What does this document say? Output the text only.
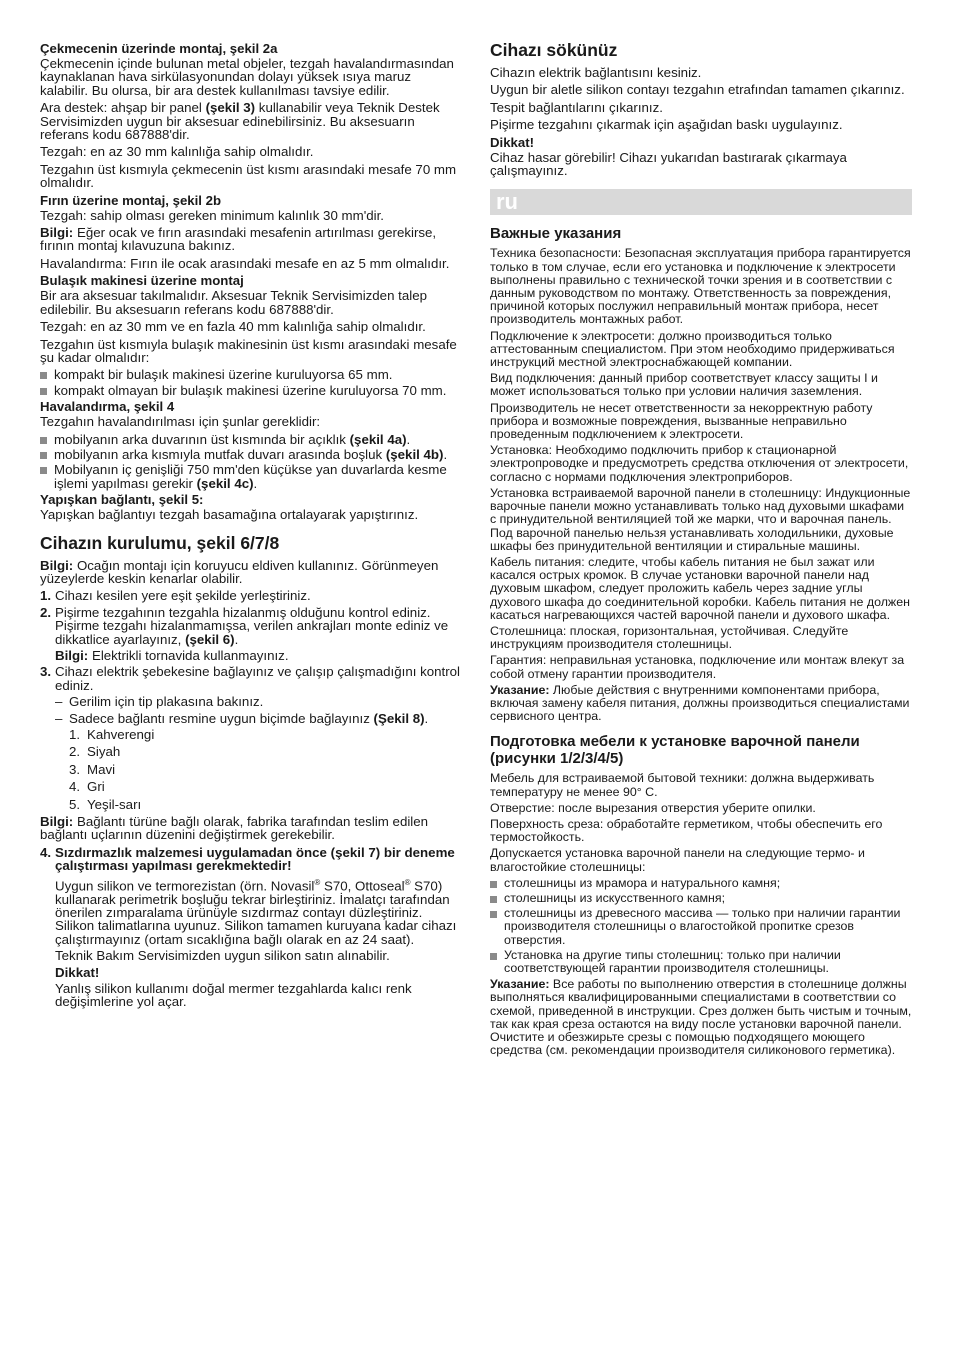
Çekmecenin üzerinde montaj, şekil 2a

Çekmecenin içinde bulunan metal objeler, tezgah havalandırmasından kaynaklanan hava sirkülasyonundan dolayı yüksek ısıya maruz kalabilir. Bu olursa, bir ara destek kullanılması tavsiye edilir.

Ara destek: ahşap bir panel (şekil 3) kullanabilir veya Teknik Destek Servisimizden uygun bir aksesuar edinebilirsiniz. Bu aksesuarın referans kodu 687888'dir.

Tezgah: en az 30 mm kalınlığa sahip olmalıdır.

Tezgahın üst kısmıyla çekmecenin üst kısmı arasındaki mesafe 70 mm olmalıdır.

Fırın üzerine montaj, şekil 2b

Tezgah: sahip olması gereken minimum kalınlık 30 mm'dir.

Bilgi: Eğer ocak ve fırın arasındaki mesafenin artırılması gerekirse, fırının montaj kılavuzuna bakınız.

Havalandırma: Fırın ile ocak arasındaki mesafe en az 5 mm olmalıdır.

Bulaşık makinesi üzerine montaj

Bir ara aksesuar takılmalıdır. Aksesuar Teknik Servisimizden talep edilebilir. Bu aksesuarın referans kodu 687888'dir.

Tezgah: en az 30 mm ve en fazla 40 mm kalınlığa sahip olmalıdır.

Tezgahın üst kısmıyla bulaşık makinesinin üst kısmı arasındaki mesafe şu kadar olmalıdır:

kompakt bir bulaşık makinesi üzerine kuruluyorsa 65 mm.
kompakt olmayan bir bulaşık makinesi üzerine kuruluyorsa 70 mm.
Havalandırma, şekil 4

Tezgahın havalandırılması için şunlar gereklidir:

mobilyanın arka duvarının üst kısmında bir açıklık (şekil 4a).
mobilyanın arka kısmıyla mutfak duvarı arasında boşluk (şekil 4b).
Mobilyanın iç genişliği 750 mm'den küçükse yan duvarlarda kesme işlemi yapılması gerekir (şekil 4c).
Yapışkan bağlantı, şekil 5:

Yapışkan bağlantıyı tezgah basamağına ortalayarak yapıştırınız.

Cihazın kurulumu, şekil 6/7/8

Bilgi: Ocağın montajı için koruyucu eldiven kullanınız. Görünmeyen yüzeylerde keskin kenarlar olabilir.

1. Cihazı kesilen yere eşit şekilde yerleştiriniz.
2. Pişirme tezgahının tezgahla hizalanmış olduğunu kontrol ediniz. Pişirme tezgahı hizalanmamışsa, verilen ankrajları monte ediniz ve dikkatlice ayarlayınız, (şekil 6).
Bilgi: Elektrikli tornavida kullanmayınız.
3. Cihazı elektrik şebekesine bağlayınız ve çalışıp çalışmadığını kontrol ediniz.
– Gerilim için tip plakasına bakınız.
– Sadece bağlantı resmine uygun biçimde bağlayınız (Şekil 8).
1. Kahverengi
2. Siyah
3. Mavi
4. Gri
5. Yeşil-sarı

Bilgi: Bağlantı türüne bağlı olarak, fabrika tarafından teslim edilen bağlantı uçlarının düzenini değiştirmek gerekebilir.

4. Sızdırmazlık malzemesi uygulamadan önce (şekil 7) bir deneme çalıştırması yapılması gerekmektedir!
Uygun silikon ve termorezistan (örn. Novasil® S70, Ottoseal® S70) kullanarak perimetrik boşluğu tekrar birleştiriniz. İmalatçı tarafından önerilen zımparalama ürünüyle sızdırmaz contayı düzleştiriniz. Silikon talimatlarına uyunuz. Silikon tamamen kuruyana kadar cihazı çalıştırmayınız (ortam sıcaklığına bağlı olarak en az 24 saat).
Teknik Bakım Servisimizden uygun silikon satın alınabilir.
Dikkat!
Yanlış silikon kullanımı doğal mermer tezgahlarda kalıcı renk değişimlerine yol açar.
Cihazı sökünüz

Cihazın elektrik bağlantısını kesiniz.

Uygun bir aletle silikon contayı tezgahın etrafından tamamen çıkarınız.

Tespit bağlantılarını çıkarınız.

Pişirme tezgahını çıkarmak için aşağıdan baskı uygulayınız.

Dikkat!

Cihaz hasar görebilir! Cihazı yukarıdan bastırarak çıkarmaya çalışmayınız.

ru
Важные указания

Техника безопасности: Безопасная эксплуатация прибора гарантируется только в том случае, если его установка и подключение к электросети выполнены правильно с технической точки зрения и в соответствии с данным руководством по монтажу. Ответственность за повреждения, причиной которых послужил неправильный монтаж прибора, несет производитель монтажных работ.

Подключение к электросети: должно производиться только аттестованным специалистом. При этом необходимо придерживаться инструкций местной электроснабжающей компании.

Вид подключения: данный прибор соответствует классу защиты I и может использоваться только при условии наличия заземления.

Производитель не несет ответственности за некорректную работу прибора и возможные повреждения, вызванные неправильно проведенным подключением к электросети.

Установка: Необходимо подключить прибор к стационарной электропроводке и предусмотреть средства отключения от электросети, согласно с нормами подключения электроприборов.

Установка встраиваемой варочной панели в столешницу: Индукционные варочные панели можно устанавливать только над духовыми шкафами с принудительной вентиляцией той же марки, что и варочная панель. Под варочной панелью нельзя устанавливать холодильники, духовые шкафы без принудительной вентиляции и стиральные машины.

Кабель питания: следите, чтобы кабель питания не был зажат или касался острых кромок. В случае установки варочной панели над духовым шкафом, следует проложить кабель через задние углы духового шкафа до соединительной коробки. Кабель питания не должен касаться нагревающихся частей варочной панели и духового шкафа.

Столешница: плоская, горизонтальная, устойчивая. Следуйте инструкциям производителя столешницы.

Гарантия: неправильная установка, подключение или монтаж влекут за собой отмену гарантии производителя.

Указание: Любые действия с внутренними компонентами прибора, включая замену кабеля питания, должны производиться специалистами сервисного центра.

Подготовка мебели к установке варочной панели (рисунки 1/2/3/4/5)

Мебель для встраиваемой бытовой техники: должна выдерживать температуру не менее 90° C.

Отверстие: после вырезания отверстия уберите опилки.

Поверхность среза: обработайте герметиком, чтобы обеспечить его термостойкость.

Допускается установка варочной панели на следующие термо- и влагостойкие столешницы:

столешницы из мрамора и натурального камня;
столешницы из искусственного камня;
столешницы из древесного массива — только при наличии гарантии производителя столешницы о влагостойкой пропитке срезов отверстия.
Установка на другие типы столешниц: только при наличии соответствующей гарантии производителя столешницы.

Указание: Все работы по выполнению отверстия в столешнице должны выполняться квалифицированными специалистами в соответствии со схемой, приведенной в инструкции. Срез должен быть чистым и точным, так как края среза остаются на виду после установки варочной панели. Очистите и обезжирьте срезы с помощью подходящего моющего средства (см. рекомендации производителя силиконового герметика).
